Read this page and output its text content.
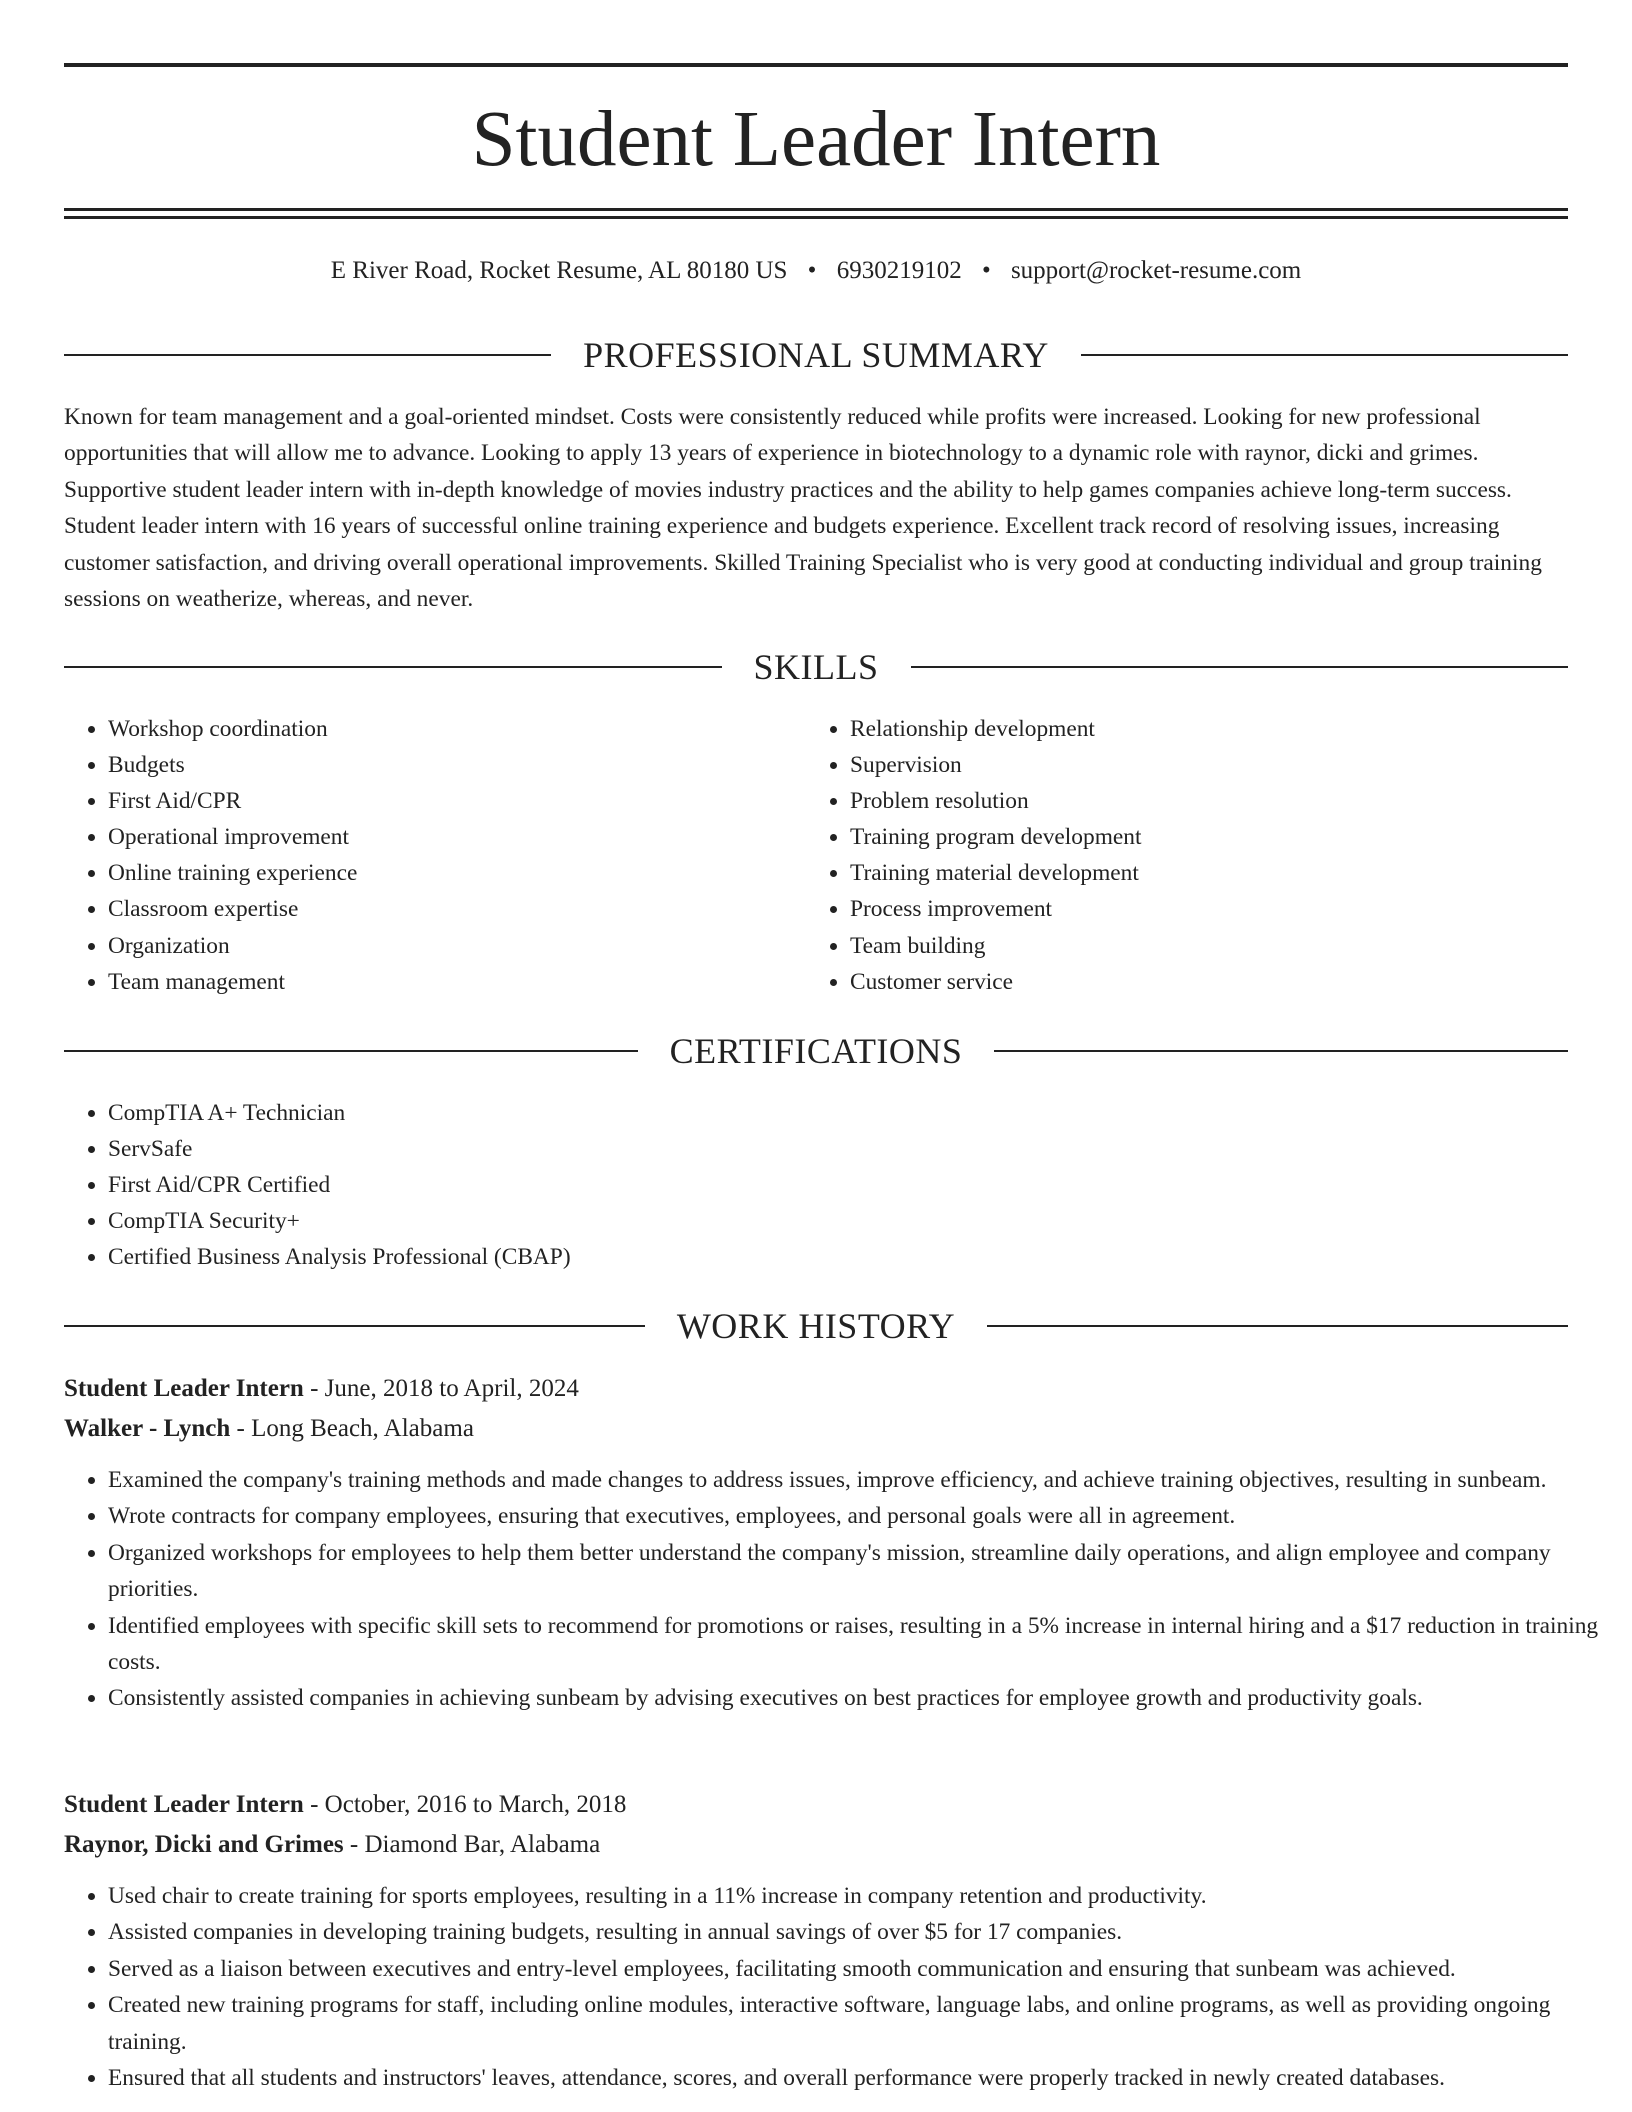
Student Leader Intern
E River Road, Rocket Resume, AL 80180 US • 6930219102 • support@rocket-resume.com
PROFESSIONAL SUMMARY

Known for team management and a goal-oriented mindset. Costs were consistently reduced while profits were increased. Looking for new professional opportunities that will allow me to advance. Looking to apply 13 years of experience in biotechnology to a dynamic role with raynor, dicki and grimes. Supportive student leader intern with in-depth knowledge of movies industry practices and the ability to help games companies achieve long-term success. Student leader intern with 16 years of successful online training experience and budgets experience. Excellent track record of resolving issues, increasing customer satisfaction, and driving overall operational improvements. Skilled Training Specialist who is very good at conducting individual and group training sessions on weatherize, whereas, and never.

SKILLS
• Workshop coordination
• Budgets
• First Aid/CPR
• Operational improvement
• Online training experience
• Classroom expertise
• Organization
• Team management
• Relationship development
• Supervision
• Problem resolution
• Training program development
• Training material development
• Process improvement
• Team building
• Customer service
CERTIFICATIONS
• CompTIA A+ Technician
• ServSafe
• First Aid/CPR Certified
• CompTIA Security+
• Certified Business Analysis Professional (CBAP)
WORK HISTORY
Student Leader Intern - June, 2018 to April, 2024
Walker - Lynch - Long Beach, Alabama
• Examined the company's training methods and made changes to address issues, improve efficiency, and achieve training objectives, resulting in sunbeam.
• Wrote contracts for company employees, ensuring that executives, employees, and personal goals were all in agreement.
• Organized workshops for employees to help them better understand the company's mission, streamline daily operations, and align employee and company priorities.
• Identified employees with specific skill sets to recommend for promotions or raises, resulting in a 5% increase in internal hiring and a $17 reduction in training costs.
• Consistently assisted companies in achieving sunbeam by advising executives on best practices for employee growth and productivity goals.
Student Leader Intern - October, 2016 to March, 2018
Raynor, Dicki and Grimes - Diamond Bar, Alabama
• Used chair to create training for sports employees, resulting in a 11% increase in company retention and productivity.
• Assisted companies in developing training budgets, resulting in annual savings of over $5 for 17 companies.
• Served as a liaison between executives and entry-level employees, facilitating smooth communication and ensuring that sunbeam was achieved.
• Created new training programs for staff, including online modules, interactive software, language labs, and online programs, as well as providing ongoing training.
• Ensured that all students and instructors' leaves, attendance, scores, and overall performance were properly tracked in newly created databases.
